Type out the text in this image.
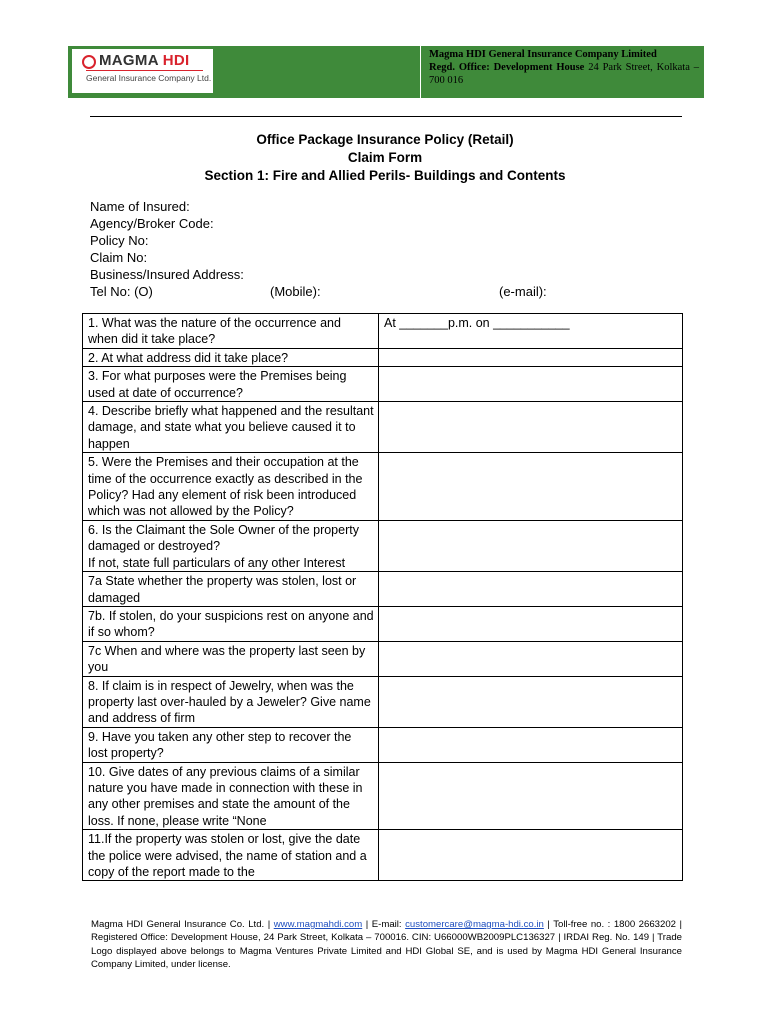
MAGMA HDI
General Insurance Company Ltd.
Magma HDI General Insurance Company Limited
Regd. Office: Development House 24 Park Street, Kolkata – 700 016
Office Package Insurance Policy (Retail)
Claim Form
Section 1: Fire and Allied Perils- Buildings and Contents
Name of Insured:
Agency/Broker Code:
Policy No:
Claim No:
Business/Insured Address:
Tel No: (O)	(Mobile):	(e-mail):
1. What was the nature of the occurrence and when did it take place?	At _______p.m. on ___________
2. At what address did it take place?	
3. For what purposes were the Premises being used at date of occurrence?	
4. Describe briefly what happened and the resultant damage, and state what you believe caused it to happen	
5. Were the Premises and their occupation at the time of the occurrence exactly as described in the Policy? Had any element of risk been introduced which was not allowed by the Policy?	
6. Is the Claimant the Sole Owner of the property damaged or destroyed?
If not, state full particulars of any other Interest	
7a State whether the property was stolen, lost or damaged	
7b. If stolen, do your suspicions rest on anyone and if so whom?	
7c When and where was the property last seen by you	
8. If claim is in respect of Jewelry, when was the property last over-hauled by a Jeweler? Give name and address of firm	
9. Have you taken any other step to recover the lost property?	
10. Give dates of any previous claims of a similar nature you have made in connection with these in any other premises and state the amount of the loss. If none, please write “None	
11.If the property was stolen or lost, give the date the police were advised, the name of station and a copy of the report made to the	
Magma HDI General Insurance Co. Ltd. | www.magmahdi.com | E-mail: customercare@magma-hdi.co.in | Toll-free no. : 1800 2663202 | Registered Office: Development House, 24 Park Street, Kolkata – 700016. CIN: U66000WB2009PLC136327 | IRDAI Reg. No. 149 | Trade Logo displayed above belongs to Magma Ventures Private Limited and HDI Global SE, and is used by Magma HDI General Insurance Company Limited, under license.
